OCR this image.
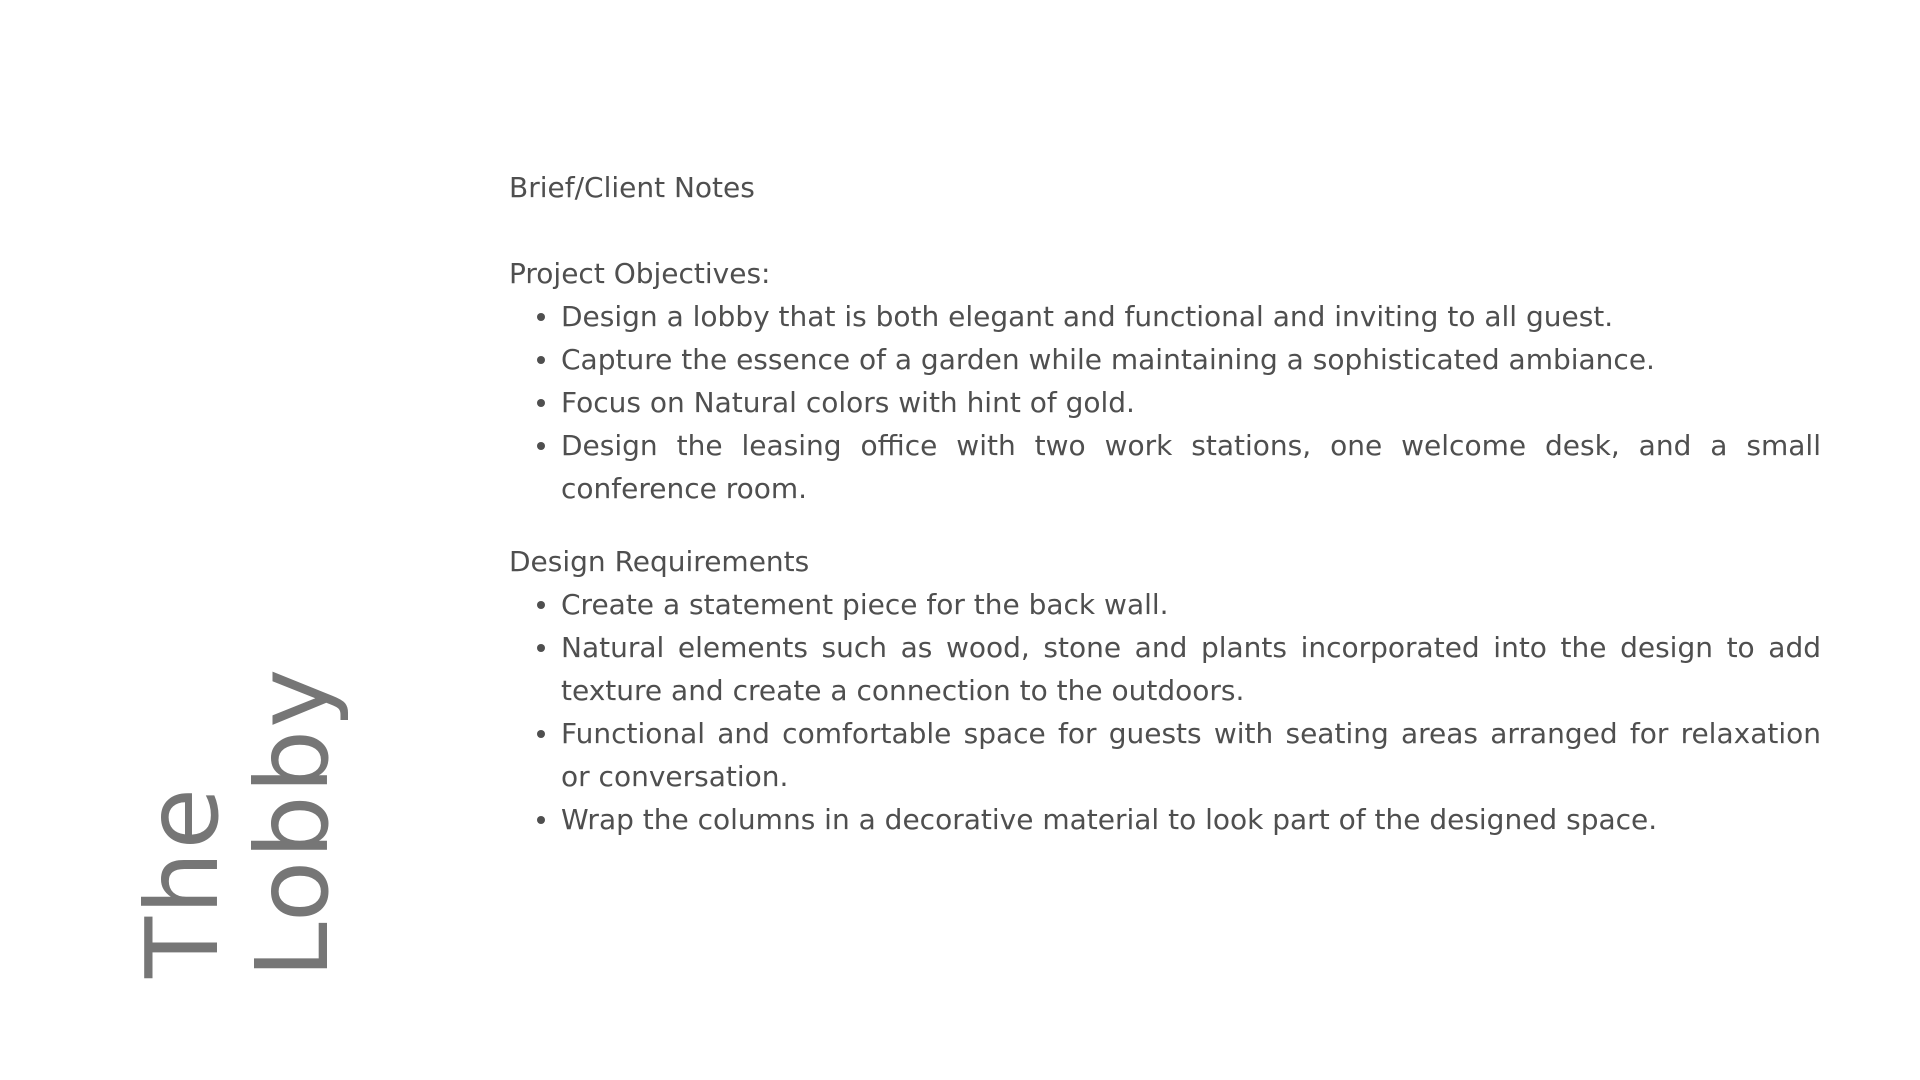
The
Lobby
Brief/Client Notes
Project Objectives:
Design a lobby that is both elegant and functional and inviting to all guest.
Capture the essence of a garden while maintaining a sophisticated ambiance.
Focus on Natural colors with hint of gold.
Design the leasing office with two work stations, one welcome desk, and a small conference room.
Design Requirements
Create a statement piece for the back wall.
Natural elements such as wood, stone and plants incorporated into the design to add texture and create a connection to the outdoors.
Functional and comfortable space for guests with seating areas arranged for relaxation or conversation.
Wrap the columns in a decorative material to look part of the designed space.
